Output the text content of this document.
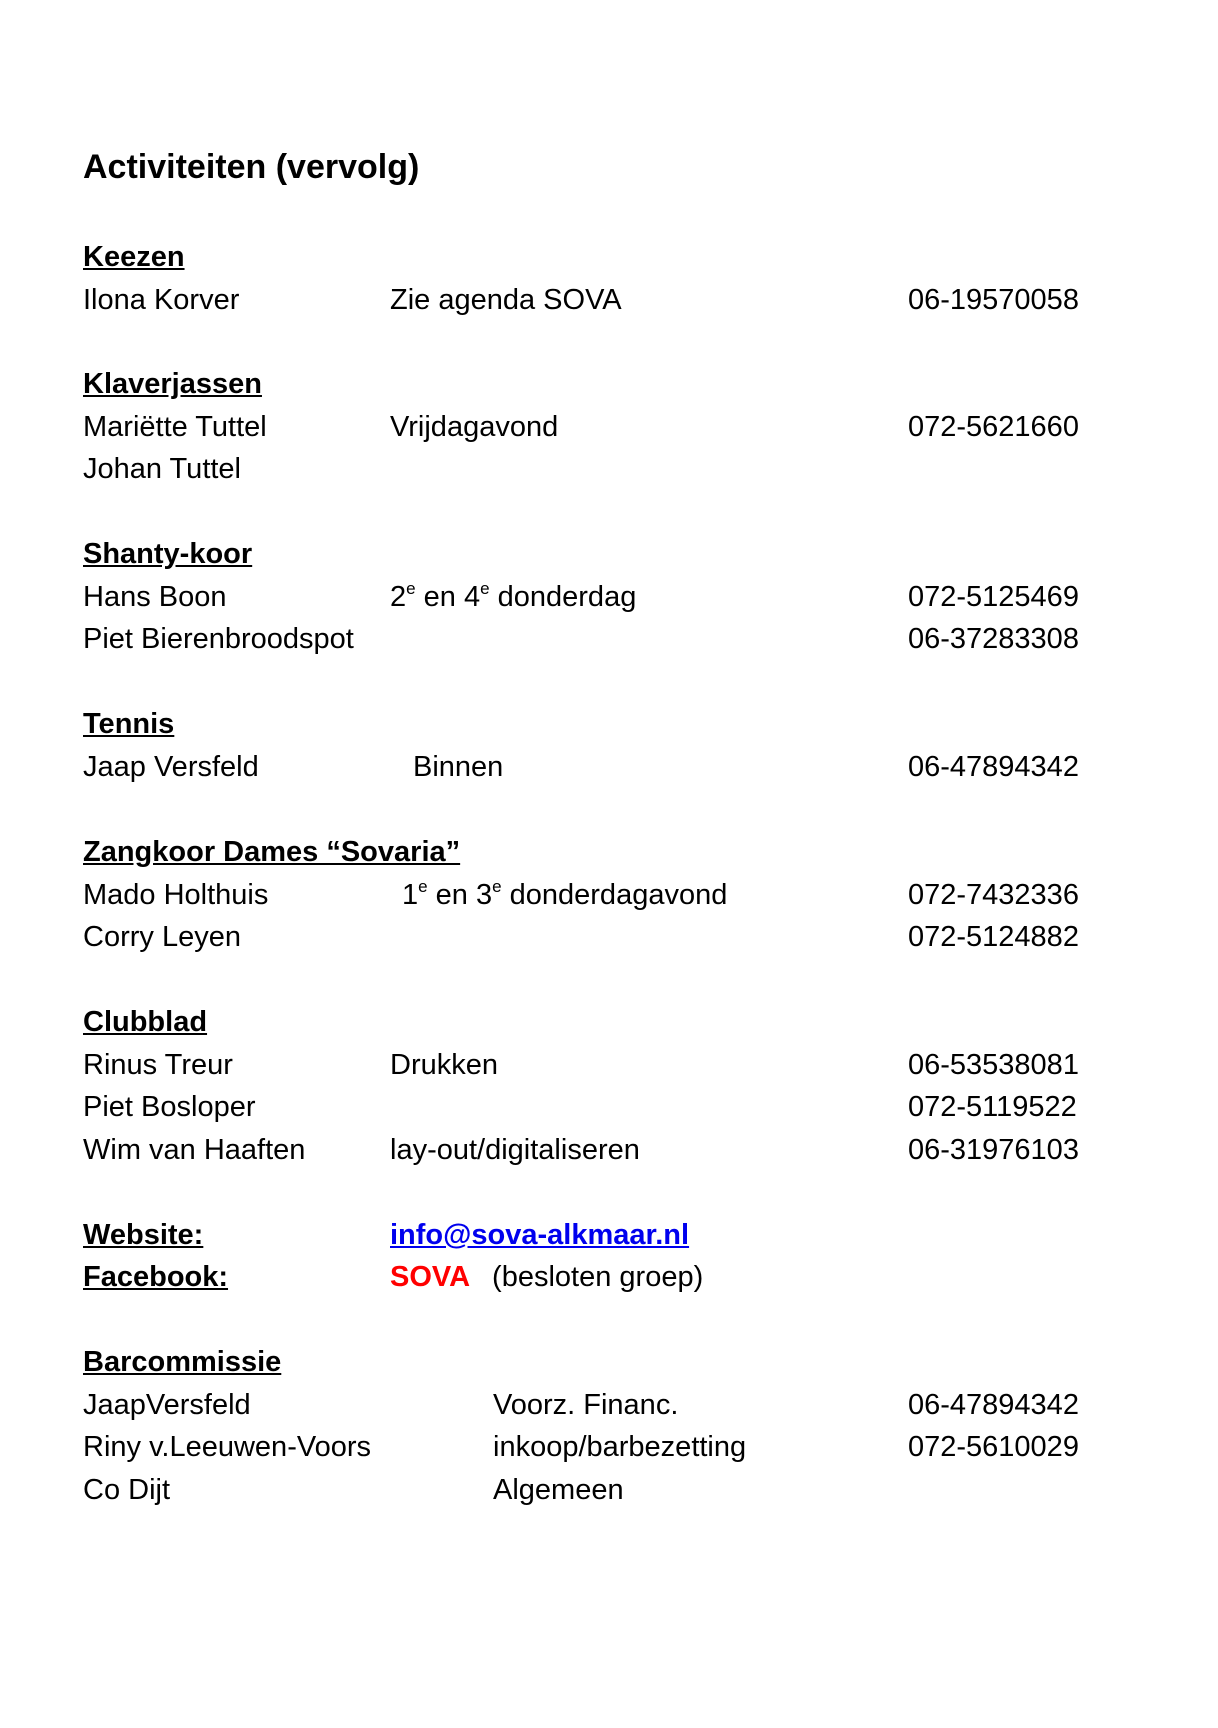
Activiteiten (vervolg)
Keezen
Ilona Korver	Zie agenda SOVA	06-19570058
Klaverjassen
Mariëtte Tuttel	Vrijdagavond	072-5621660
Johan Tuttel
Shanty-koor
Hans Boon	2e en 4e donderdag	072-5125469
Piet Bierenbroodspot	06-37283308
Tennis
Jaap Versfeld	Binnen	06-47894342
Zangkoor Dames “Sovaria”
Mado Holthuis	1e en 3e donderdagavond	072-7432336
Corry Leyen	072-5124882
Clubblad
Rinus Treur	Drukken	06-53538081
Piet Bosloper	072-5119522
Wim van Haaften	lay-out/digitaliseren	06-31976103
Website:	info@sova-alkmaar.nl
Facebook:	SOVA (besloten groep)
Barcommissie
JaapVersfeld	Voorz. Financ.	06-47894342
Riny v.Leeuwen-Voors	inkoop/barbezetting	072-5610029
Co Dijt	Algemeen
